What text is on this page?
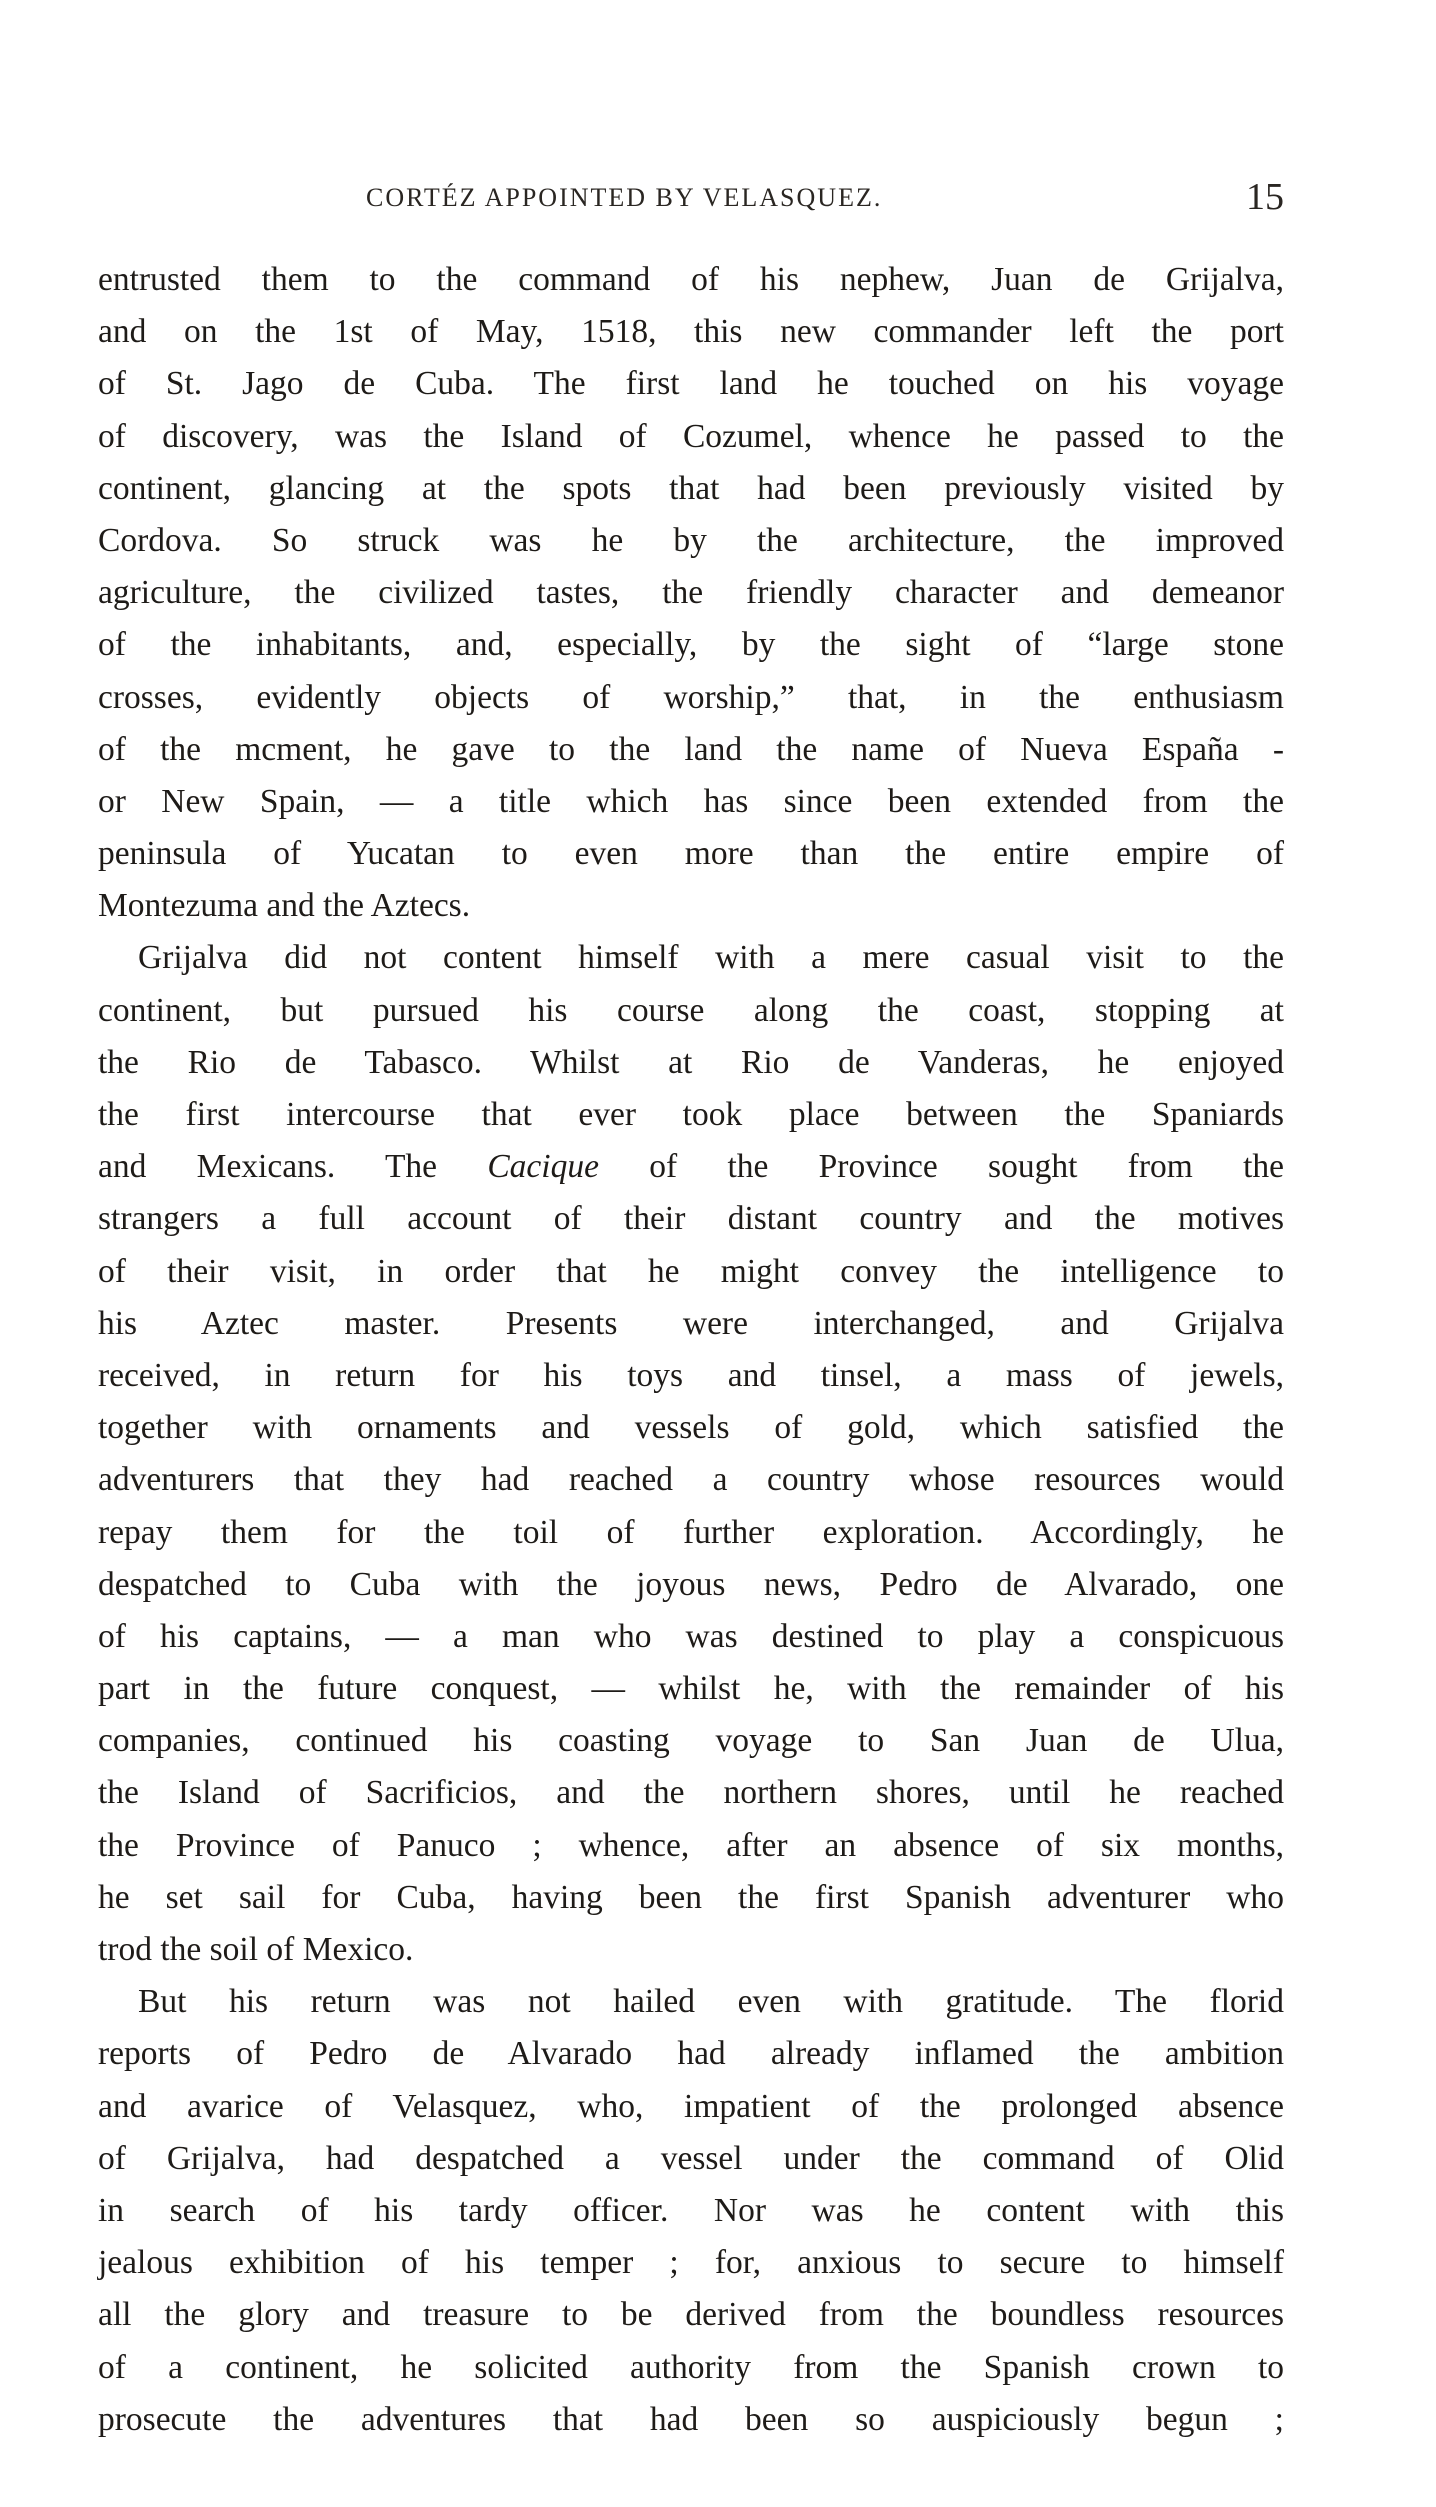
CORTÉZ APPOINTED BY VELASQUEZ.	15
entrusted them to the command of his nephew, Juan de Grijalva,
and on the 1st of May, 1518, this new commander left the port
of St. Jago de Cuba. The first land he touched on his voyage
of discovery, was the Island of Cozumel, whence he passed to the
continent, glancing at the spots that had been previously visited by
Cordova. So struck was he by the architecture, the improved
agriculture, the civilized tastes, the friendly character and demeanor
of the inhabitants, and, especially, by the sight of “large stone
crosses, evidently objects of worship,” that, in the enthusiasm
of the mcment, he gave to the land the name of Nueva España -
or New Spain, — a title which has since been extended from the
peninsula of Yucatan to even more than the entire empire of
Montezuma and the Aztecs.
Grijalva did not content himself with a mere casual visit to the
continent, but pursued his course along the coast, stopping at
the Rio de Tabasco. Whilst at Rio de Vanderas, he enjoyed
the first intercourse that ever took place between the Spaniards
and Mexicans. The Cacique of the Province sought from the
strangers a full account of their distant country and the motives
of their visit, in order that he might convey the intelligence to
his Aztec master. Presents were interchanged, and Grijalva
received, in return for his toys and tinsel, a mass of jewels,
together with ornaments and vessels of gold, which satisfied the
adventurers that they had reached a country whose resources would
repay them for the toil of further exploration. Accordingly, he
despatched to Cuba with the joyous news, Pedro de Alvarado, one
of his captains, — a man who was destined to play a conspicuous
part in the future conquest, — whilst he, with the remainder of his
companies, continued his coasting voyage to San Juan de Ulua,
the Island of Sacrificios, and the northern shores, until he reached
the Province of Panuco ; whence, after an absence of six months,
he set sail for Cuba, having been the first Spanish adventurer who
trod the soil of Mexico.
But his return was not hailed even with gratitude. The florid
reports of Pedro de Alvarado had already inflamed the ambition
and avarice of Velasquez, who, impatient of the prolonged absence
of Grijalva, had despatched a vessel under the command of Olid
in search of his tardy officer. Nor was he content with this
jealous exhibition of his temper ; for, anxious to secure to himself
all the glory and treasure to be derived from the boundless resources
of a continent, he solicited authority from the Spanish crown to
prosecute the adventures that had been so auspiciously begun ;
